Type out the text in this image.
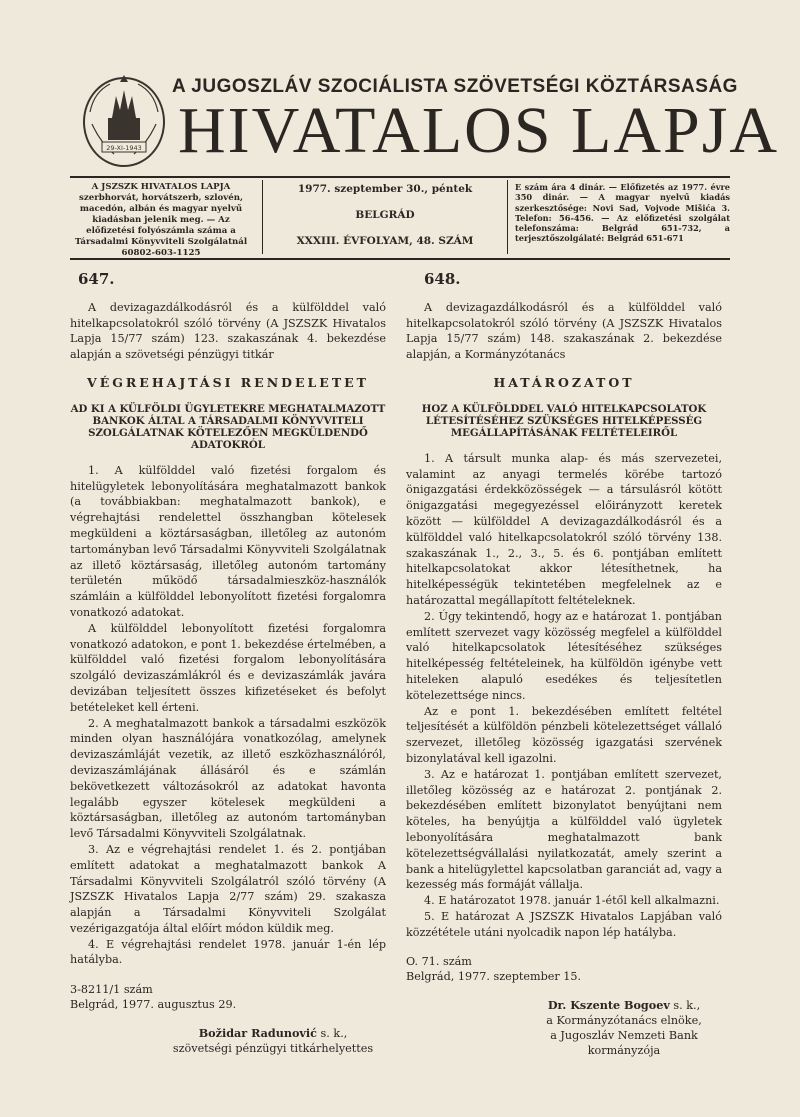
29-XI-1943
A JUGOSZLÁV SZOCIÁLISTA SZÖVETSÉGI KÖZTÁRSASÁG
HIVATALOS LAPJA
A JSZSZK HIVATALOS LAPJA szerbhorvát, horvátszerb, szlovén, macedón, albán és magyar nyelvű kiadásban jelenik meg. — Az előfizetési folyószámla száma a Társadalmi Könyvviteli Szolgálatnál 60802-603-1125
1977. szeptember 30., péntek
BELGRÁD
XXXIII. ÉVFOLYAM, 48. SZÁM
E szám ára 4 dinár. — Előfizetés az 1977. évre 350 dinár. — A magyar nyelvű kiadás szerkesztősége: Novi Sad, Vojvode Mišića 3. Telefon: 56-456. — Az előfizetési szolgálat telefonszáma: Belgrád 651-732, a terjesztőszolgálaté: Belgrád 651-671
647.

A devizagazdálkodásról és a külfölddel való hitelkapcsolatokról szóló törvény (A JSZSZK Hivatalos Lapja 15/77 szám) 123. szakaszának 4. bekezdése alapján a szövetségi pénzügyi titkár

VÉGREHAJTÁSI RENDELETET
AD KI A KÜLFÖLDI ÜGYLETEKRE MEGHATALMAZOTT BANKOK ÁLTAL A TÁRSADALMI KÖNYVVITELI SZOLGÁLATNAK KÖTELEZŐEN MEGKÜLDENDŐ ADATOKRÓL

1. A külfölddel való fizetési forgalom és hitelügyletek lebonyolítására meghatalmazott bankok (a továbbiakban: meghatalmazott bankok), e végrehajtási rendelettel összhangban kötelesek megküldeni a köztársaságban, illetőleg az autonóm tartományban levő Társadalmi Könyvviteli Szolgálatnak az illető köztársaság, illetőleg autonóm tartomány területén működő társadalmieszköz-használók számláin a külfölddel lebonyolított fizetési forgalomra vonatkozó adatokat.

A külfölddel lebonyolított fizetési forgalomra vonatkozó adatokon, e pont 1. bekezdése értelmében, a külfölddel való fizetési forgalom lebonyolítására szolgáló devizaszámlákról és e devizaszámlák javára devizában teljesített összes kifizetéseket és befolyt betételeket kell érteni.

2. A meghatalmazott bankok a társadalmi eszközök minden olyan használójára vonatkozólag, amelynek devizaszámláját vezetik, az illető eszközhasználóról, devizaszámlájának állásáról és e számlán bekövetkezett változásokról az adatokat havonta legalább egyszer kötelesek megküldeni a köztársaságban, illetőleg az autonóm tartományban levő Társadalmi Könyvviteli Szolgálatnak.

3. Az e végrehajtási rendelet 1. és 2. pontjában említett adatokat a meghatalmazott bankok A Társadalmi Könyvviteli Szolgálatról szóló törvény (A JSZSZK Hivatalos Lapja 2/77 szám) 29. szakasza alapján a Társadalmi Könyvviteli Szolgálat vezérigazgatója által előírt módon küldik meg.

4. E végrehajtási rendelet 1978. január 1-én lép hatályba.

3-8211/1 szám
Belgrád, 1977. augusztus 29.
Božidar Radunović s. k.,
szövetségi pénzügyi titkárhelyettes
648.

A devizagazdálkodásról és a külfölddel való hitelkapcsolatokról szóló törvény (A JSZSZK Hivatalos Lapja 15/77 szám) 148. szakaszának 2. bekezdése alapján, a Kormányzótanács

HATÁROZATOT
HOZ A KÜLFÖLDDEL VALÓ HITELKAPCSOLATOK LÉTESÍTÉSÉHEZ SZÜKSÉGES HITELKÉPESSÉG MEGÁLLAPÍTÁSÁNAK FELTÉTELEIRŐL

1. A társult munka alap- és más szervezetei, valamint az anyagi termelés körébe tartozó önigazgatási érdekközösségek — a társulásról kötött önigazgatási megegyezéssel előirányzott keretek között — külfölddel A devizagazdálkodásról és a külfölddel való hitelkapcsolatokról szóló törvény 138. szakaszának 1., 2., 3., 5. és 6. pontjában említett hitelkapcsolatokat akkor létesíthetnek, ha hitelképességük tekintetében megfelelnek az e határozattal megállapított feltételeknek.

2. Úgy tekintendő, hogy az e határozat 1. pontjában említett szervezet vagy közösség megfelel a külfölddel való hitelkapcsolatok létesítéséhez szükséges hitelképesség feltételeinek, ha külföldön igénybe vett hiteleken alapuló esedékes és teljesítetlen kötelezettsége nincs.

Az e pont 1. bekezdésében említett feltétel teljesítését a külföldön pénzbeli kötelezettséget vállaló szervezet, illetőleg közösség igazgatási szervének bizonylatával kell igazolni.

3. Az e határozat 1. pontjában említett szervezet, illetőleg közösség az e határozat 2. pontjának 2. bekezdésében említett bizonylatot benyújtani nem köteles, ha benyújtja a külfölddel való ügyletek lebonyolítására meghatalmazott bank kötelezettségvállalási nyilatkozatát, amely szerint a bank a hitelügylettel kapcsolatban garanciát ad, vagy a kezesség más formáját vállalja.

4. E határozatot 1978. január 1-étől kell alkalmazni.

5. E határozat A JSZSZK Hivatalos Lapjában való közzététele utáni nyolcadik napon lép hatályba.

O. 71. szám
Belgrád, 1977. szeptember 15.
Dr. Kszente Bogoev s. k.,
a Kormányzótanács elnöke,
a Jugoszláv Nemzeti Bank
kormányzója
